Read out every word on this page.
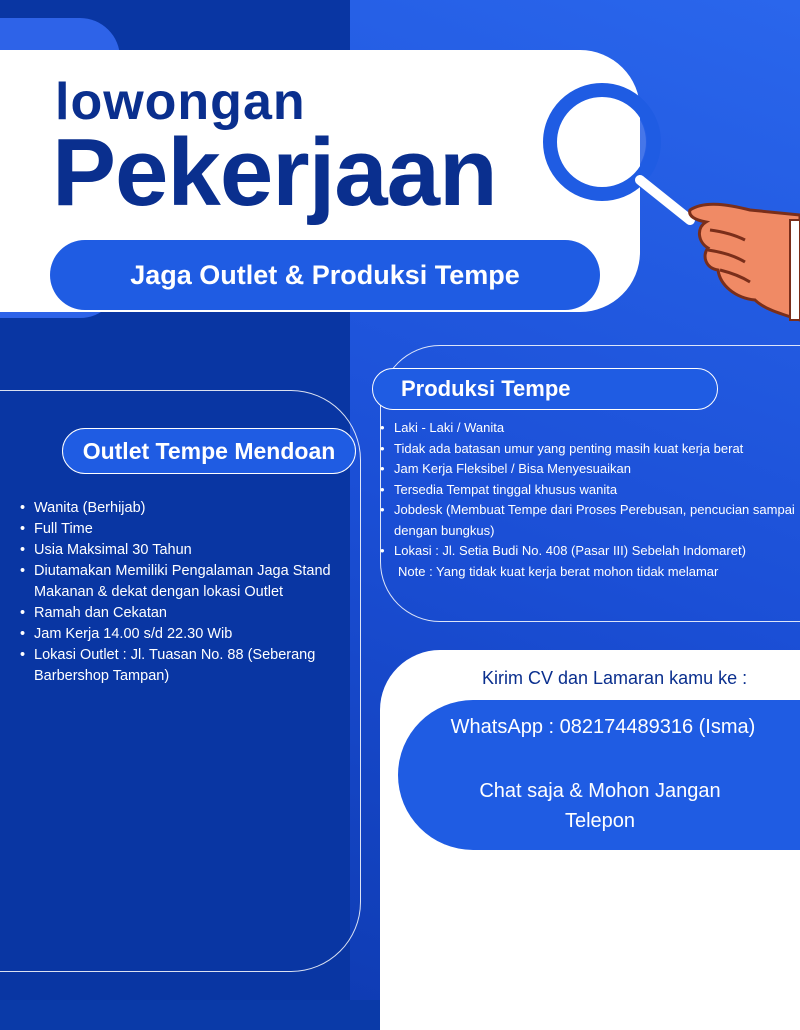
lowongan
Pekerjaan
Jaga Outlet & Produksi Tempe
Outlet Tempe Mendoan
• Wanita (Berhijab)
• Full Time
• Usia Maksimal 30 Tahun
• Diutamakan Memiliki Pengalaman Jaga Stand Makanan & dekat dengan lokasi Outlet
• Ramah dan Cekatan
• Jam Kerja 14.00 s/d 22.30 Wib
• Lokasi Outlet : Jl. Tuasan No. 88 (Seberang Barbershop Tampan)
Produksi Tempe
• Laki - Laki / Wanita
• Tidak ada batasan umur yang penting masih kuat kerja berat
• Jam Kerja Fleksibel / Bisa Menyesuaikan
• Tersedia Tempat tinggal khusus wanita
• Jobdesk (Membuat Tempe dari Proses Perebusan, pencucian sampai dengan bungkus)
• Lokasi : Jl. Setia Budi No. 408 (Pasar III) Sebelah Indomaret)
Note : Yang tidak kuat kerja berat mohon tidak melamar
Kirim CV dan Lamaran kamu ke :
WhatsApp : 082174489316 (Isma)
Chat saja & Mohon Jangan Telepon
